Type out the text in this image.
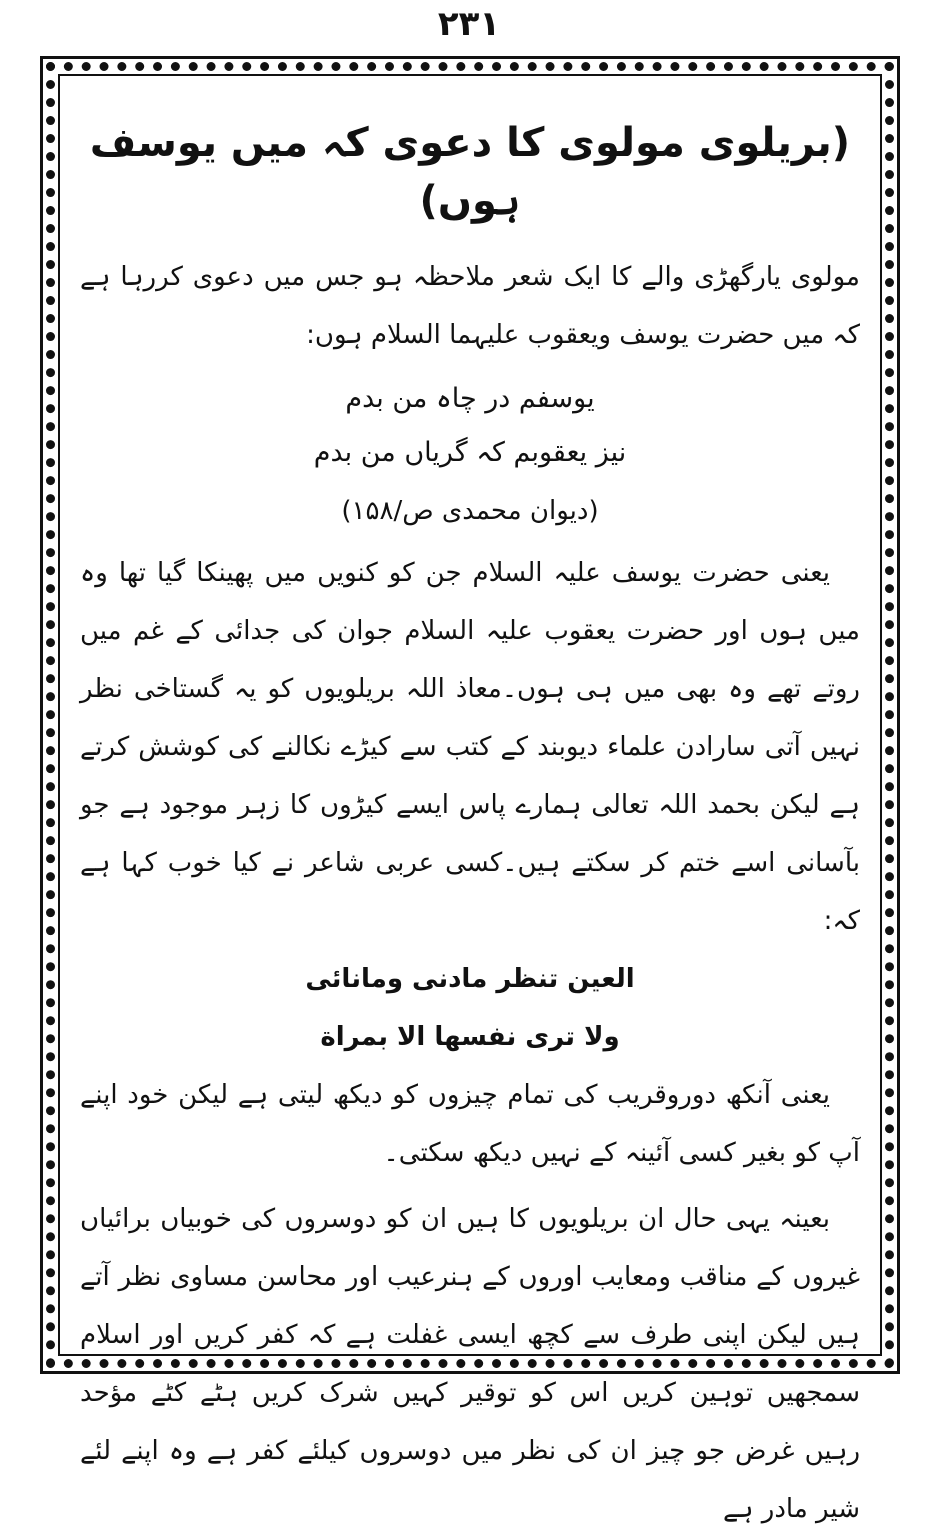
۲۳۱
(بریلوی مولوی کا دعوی کہ میں یوسف ہوں)

مولوی یارگھڑی والے کا ایک شعر ملاحظہ ہو جس میں دعوی کررہا ہے کہ میں حضرت یوسف ویعقوب علیہما السلام ہوں:

یوسفم در چاہ من بدم
نیز یعقوبم کہ گریاں من بدم
(دیوان محمدی ص/۱۵۸)

یعنی حضرت یوسف علیہ السلام جن کو کنویں میں پھینکا گیا تھا وہ میں ہوں اور حضرت یعقوب علیہ السلام جوان کی جدائی کے غم میں روتے تھے وہ بھی میں ہی ہوں۔معاذ اللہ بریلویوں کو یہ گستاخی نظر نہیں آتی سارادن علماء دیوبند کے کتب سے کیڑے نکالنے کی کوشش کرتے ہے لیکن بحمد اللہ تعالی ہمارے پاس ایسے کیڑوں کا زہر موجود ہے جو بآسانی اسے ختم کر سکتے ہیں۔کسی عربی شاعر نے کیا خوب کہا ہے کہ:

العين تنظر مادنی ومانائی
ولا تری نفسها الا بمراة

یعنی آنکھ دوروقریب کی تمام چیزوں کو دیکھ لیتی ہے لیکن خود اپنے آپ کو بغیر کسی آئینہ کے نہیں دیکھ سکتی۔

بعینہ یہی حال ان بریلویوں کا ہیں ان کو دوسروں کی خوبیاں برائیاں غیروں کے مناقب ومعایب اوروں کے ہنرعیب اور محاسن مساوی نظر آتے ہیں لیکن اپنی طرف سے کچھ ایسی غفلت ہے کہ کفر کریں اور اسلام سمجھیں توہین کریں اس کو توقیر کہیں شرک کریں ہٹے کٹے مؤحد رہیں غرض جو چیز ان کی نظر میں دوسروں کیلئے کفر ہے وہ اپنے لئے شیر مادر ہے
